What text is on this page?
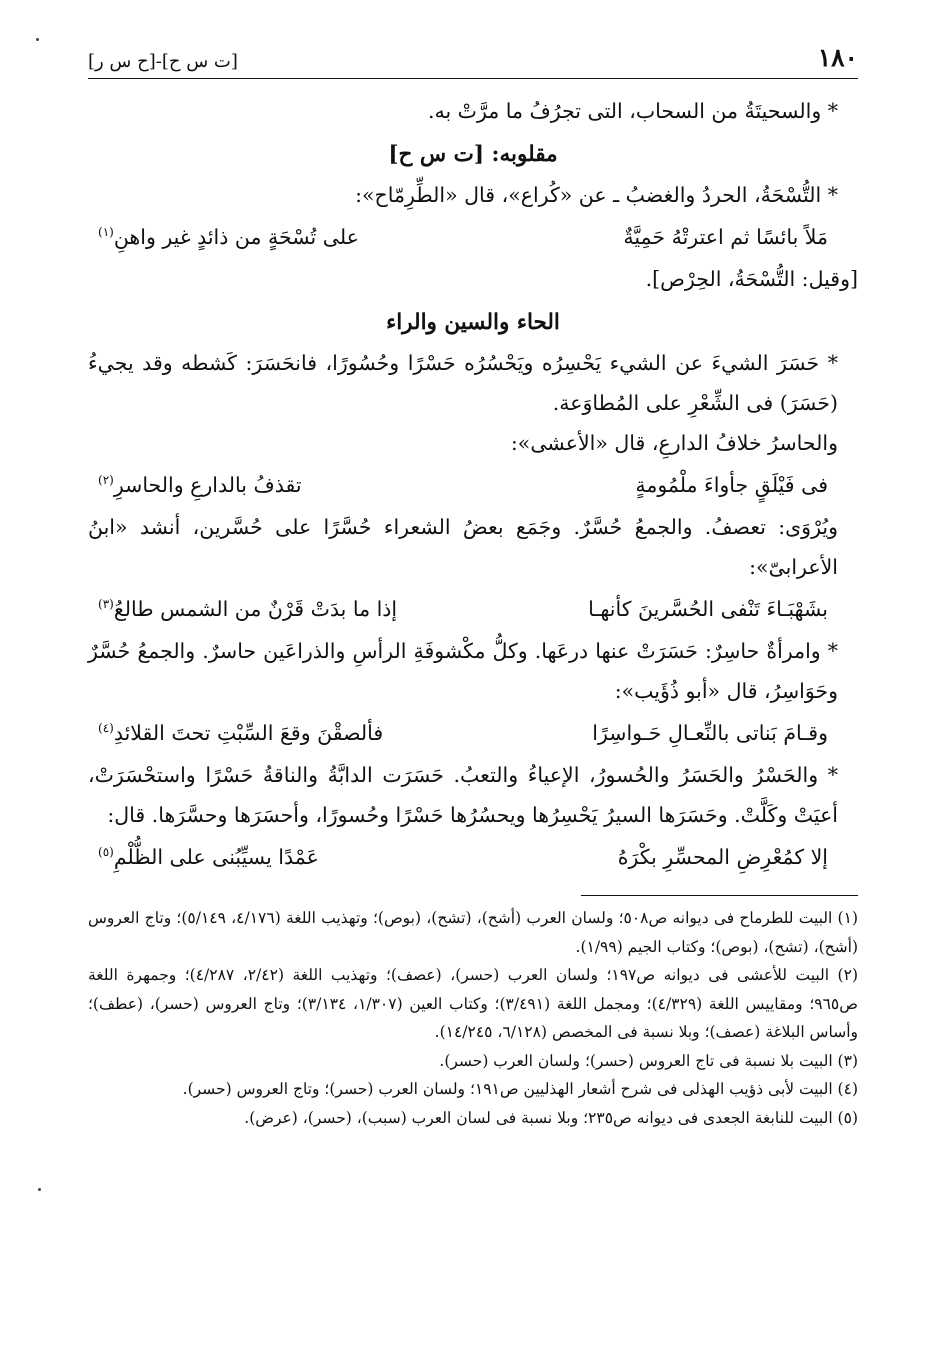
١٨٠
[ت س ح]-[ح س ر]

* والسحيتَةُ من السحاب، التى تجرُفُ ما مرَّتْ به.

مقلوبه: [ت س ح]

* التُّسْحَةُ، الحردُ والغضبُ ـ عن «كُراع»، قال «الطِّرِمّاح»:

مَلاً بائسًا ثم اعترتْهُ حَمِيَّةٌ
على تُسْحَةٍ من ذائدٍ غير واهنِ$^{(١)}$

[وقيل: التُّسْحَةُ، الحِرْص].

الحاء والسين والراء

* حَسَرَ الشيءَ عن الشيء يَحْسِرُه ويَحْسُرُه حَسْرًا وحُسُورًا، فانحَسَرَ: كَشطه وقد يجيءُ (حَسَرَ) فى الشِّعْرِ على المُطاوَعة.

والحاسرُ خلافُ الدارعِ، قال «الأعشى»:

فى فَيْلَقٍ جأواءَ ملْمُومةٍ
تقذفُ بالدارعِ والحاسرِ$^{(٢)}$

ويُرْوَى: تعصفُ. والجمعُ حُسَّرٌ. وجَمَع بعضُ الشعراء حُسَّرًا على حُسَّرين، أنشد «ابنُ الأعرابىّ»:

بشَهْبَـاءَ تَنْفى الحُسَّرينَ كأنهـا
إذا ما بدَتْ قَرْنٌ من الشمس طالعُ$^{(٣)}$

* وامرأةٌ حاسِرٌ: حَسَرَتْ عنها درعَها. وكلُّ مكْشوفَةِ الرأسِ والذراعَين حاسرٌ. والجمعُ حُسَّرٌ وحَوَاسِرُ، قال «أبو ذُؤَيب»:

وقـامَ بَناتى بالنِّعـالِ حَـواسِرًا
فألصقْنَ وقعَ السِّبْتِ تحتَ القلائدِ$^{(٤)}$

* والحَسْرُ والحَسَرُ والحُسورُ، الإعياءُ والتعبُ. حَسَرَت الدابَّةُ والناقةُ حَسْرًا واستحْسَرَتْ، أعيَتْ وكَلَّتْ. وحَسَرَها السيرُ يَحْسِرُها ويحسُرُها حَسْرًا وحُسورًا، وأحسَرَها وحسَّرَها. قال:

إلا كمُعْرِضِ المحسِّرِ بكْرَهُ
عَمْدًا يسيِّبُنى على الظُّلْمِ$^{(٥)}$

(١) البيت للطرماح فى ديوانه ص٥٠٨؛ ولسان العرب (أشح)، (تشح)، (بوص)؛ وتهذيب اللغة (٤/١٧٦، ٥/١٤٩)؛ وتاج العروس (أشح)، (تشح)، (بوص)؛ وكتاب الجيم (١/٩٩).

(٢) البيت للأعشى فى ديوانه ص١٩٧؛ ولسان العرب (حسر)، (عصف)؛ وتهذيب اللغة (٢/٤٢، ٤/٢٨٧)؛ وجمهرة اللغة ص٩٦٥؛ ومقاييس اللغة (٤/٣٢٩)؛ ومجمل اللغة (٣/٤٩١)؛ وكتاب العين (١/٣٠٧، ٣/١٣٤)؛ وتاج العروس (حسر)، (عطف)؛ وأساس البلاغة (عصف)؛ وبلا نسبة فى المخصص (٦/١٢٨، ١٤/٢٤٥).

(٣) البيت بلا نسبة فى تاج العروس (حسر)؛ ولسان العرب (حسر).

(٤) البيت لأبى ذؤيب الهذلى فى شرح أشعار الهذليين ص١٩١؛ ولسان العرب (حسر)؛ وتاج العروس (حسر).

(٥) البيت للنابغة الجعدى فى ديوانه ص٢٣٥؛ وبلا نسبة فى لسان العرب (سبب)، (حسر)، (عرض).
